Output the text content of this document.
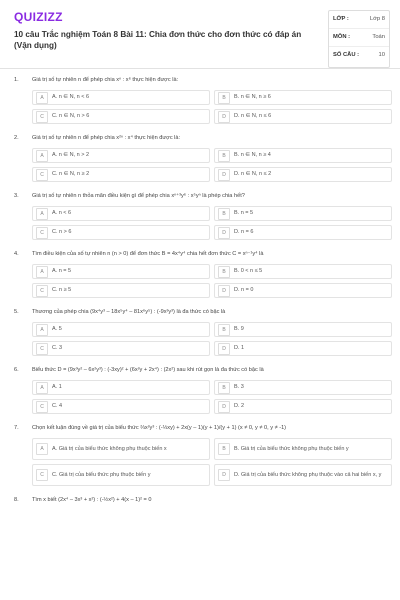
QUIZIZZ
10 câu Trắc nghiệm Toán 8 Bài 11: Chia đơn thức cho đơn thức có đáp án (Vận dụng)
LỚP :	Lớp 8
MÔN :	Toán
SỐ CÂU :	10
1. Giá trị số tự nhiên n để phép chia xⁿ : x⁶ thực hiện được là:
A	A. n ∈ N, n < 6	B	B. n ∈ N, n ≥ 6
C	C. n ∈ N, n > 6	D	D. n ∈ N, n ≤ 6
2. Giá trị số tự nhiên n để phép chia x²ⁿ : x⁴ thực hiện được là:
A	A. n ∈ N, n > 2	B	B. n ∈ N, n ≥ 4
C	C. n ∈ N, n ≥ 2	D	D. n ∈ N, n ≤ 2
3. Giá trị số tự nhiên n thỏa mãn điều kiện gì để phép chia xⁿ⁺³y⁶ : x⁵yⁿ là phép chia hết?
A	A. n < 6	B	B. n = 5
C	C. n > 6	D	D. n = 6
4. Tìm điều kiện của số tự nhiên n (n > 0) để đơn thức B = 4x⁴y⁴ chia hết đơn thức C = xⁿ⁻¹y⁴ là
A	A. n = 5	B	B. 0 < n ≤ 5
C	C. n ≥ 5	D	D. n = 0
5. Thương của phép chia (9x⁴y³ – 18x⁵y⁴ – 81x⁶y⁵) : (-9x³y³) là đa thức có bậc là
A	A. 5	B	B. 9
C	C. 3	D	D. 1
6. Biểu thức D = (9x³y² – 6x²y³) : (-3xy)² + (6x²y + 2x⁴) : (2x²) sau khi rút gọn là đa thức có bậc là
A	A. 1	B	B. 3
C	C. 4	D	D. 2
7. Chọn kết luận đúng về giá trị của biểu thức ⅔x²y³ : (-⅓xy) + 2x(y – 1)(y + 1)/(y + 1) (x ≠ 0, y ≠ 0, y ≠ -1)
A	A. Giá trị của biểu thức không phụ thuộc biến x	B	B. Giá trị của biểu thức không phụ thuộc biến y
C	C. Giá trị của biểu thức phụ thuộc biến y	D	D. Giá trị của biểu thức không phụ thuộc vào cả hai biến x, y
8. Tìm x biết (2x⁴ – 3x³ + x²) : (-½x²) + 4(x – 1)² = 0
